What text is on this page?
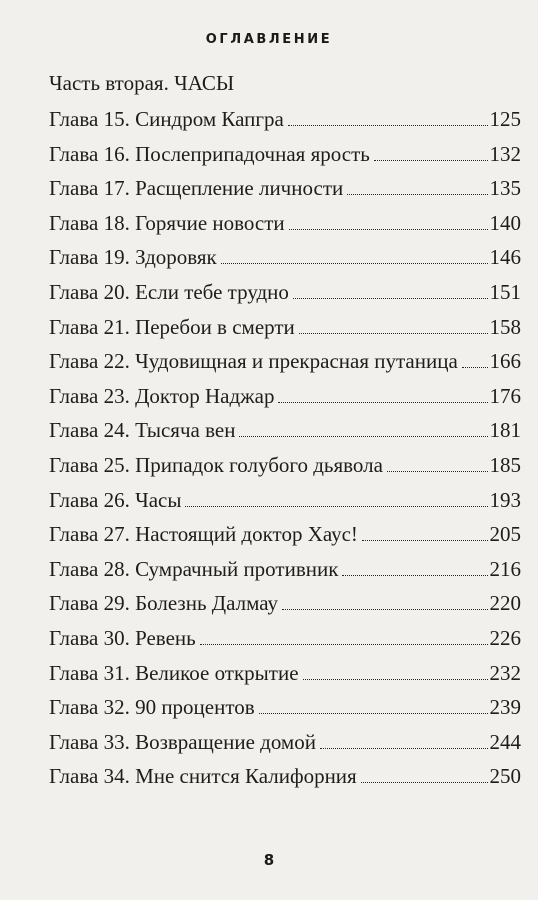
ОГЛАВЛЕНИЕ
Часть вторая. ЧАСЫ
Глава 15. Синдром Капгра	125
Глава 16. Послеприпадочная ярость	132
Глава 17. Расщепление личности	135
Глава 18. Горячие новости	140
Глава 19. Здоровяк	146
Глава 20. Если тебе трудно	151
Глава 21. Перебои в смерти	158
Глава 22. Чудовищная и прекрасная путаница 166
Глава 23. Доктор Наджар	176
Глава 24. Тысяча вен	181
Глава 25. Припадок голубого дьявола	185
Глава 26. Часы	193
Глава 27. Настоящий доктор Хаус!	205
Глава 28. Сумрачный противник	216
Глава 29. Болезнь Далмау	220
Глава 30. Ревень	226
Глава 31. Великое открытие	232
Глава 32. 90 процентов	239
Глава 33. Возвращение домой	244
Глава 34. Мне снится Калифорния	250
8
